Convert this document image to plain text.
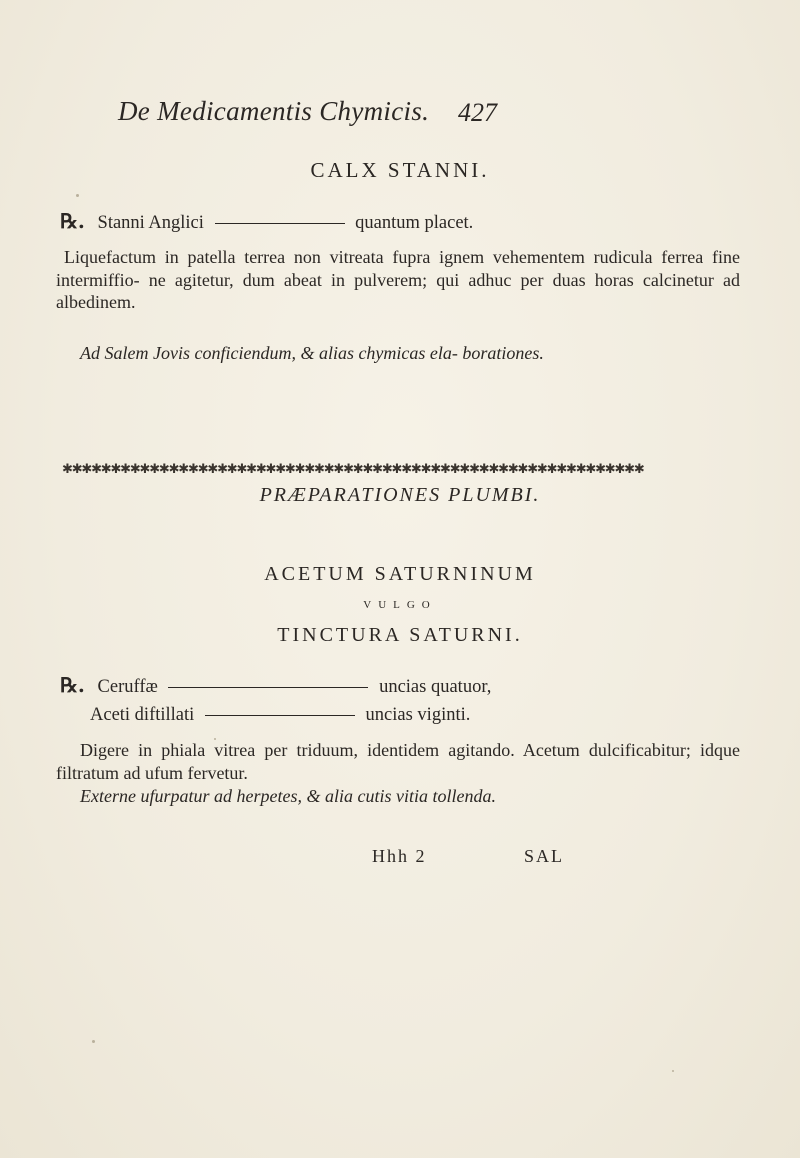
De Medicamentis Chymicis. 427
CALX STANNI.
℞. Stanni Anglici	quantum placet.
Liquefactum in patella terrea non vitreata fupra ignem vehementem rudicula ferrea fine intermiffio- ne agitetur, dum abeat in pulverem; qui adhuc per duas horas calcinetur ad albedinem.
Ad Salem Jovis conficiendum, & alias chymicas ela- borationes.
✱✱✱✱✱✱✱✱✱✱✱✱✱✱✱✱✱✱✱✱✱✱✱✱✱✱✱✱✱✱✱✱✱✱✱✱✱✱✱✱✱✱✱✱✱✱✱✱✱✱✱✱✱✱✱✱✱✱✱✱
PRÆPARATIONES PLUMBI.
ACETUM SATURNINUM
VULGO
TINCTURA SATURNI.
℞. Ceruffæ	uncias quatuor,
Aceti diftillati	uncias viginti.
Digere in phiala vitrea per triduum, identidem agitando. Acetum dulcificabitur; idque filtratum ad ufum fervetur.
Externe ufurpatur ad herpetes, & alia cutis vitia tollenda.
Hhh 2	SAL
